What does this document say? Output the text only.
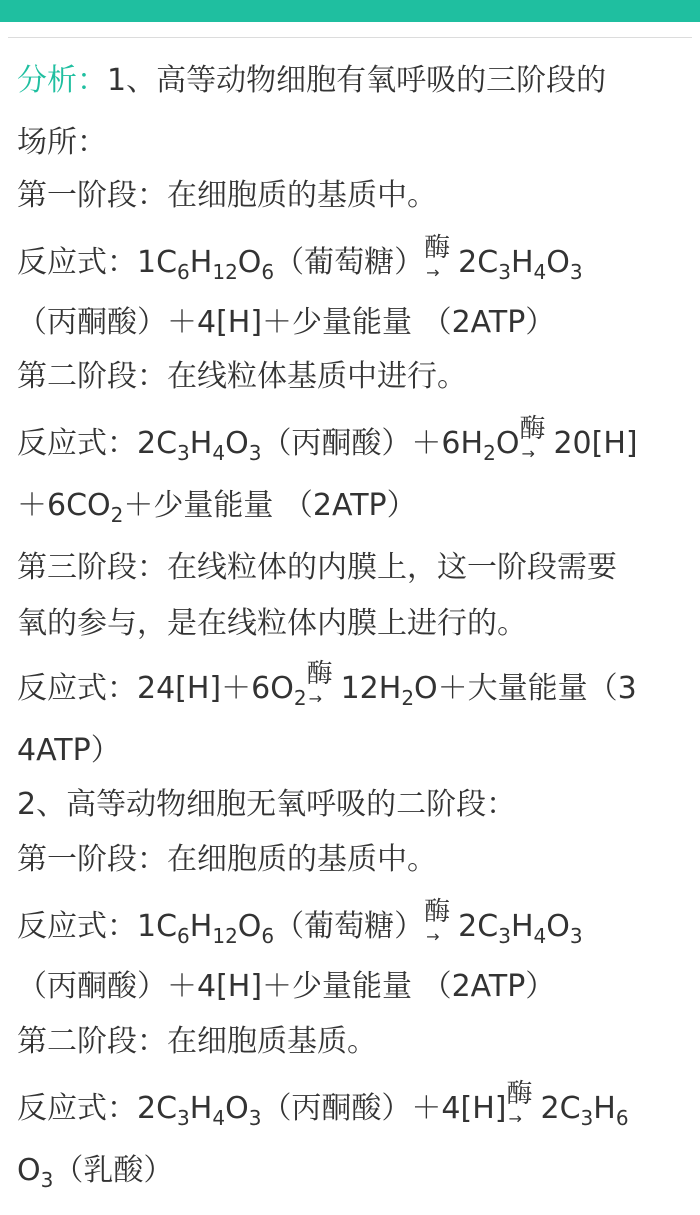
分析：1、高等动物细胞有氧呼吸的三阶段的
场所：
第一阶段：在细胞质的基质中。
反应式：$1C_6H_{12}O_6$（葡萄糖） 酶
→ $2C_3H_4O_3$
（丙酮酸）＋4[H]＋少量能量 （2ATP）
第二阶段：在线粒体基质中进行。
反应式：$2C_3H_4O_3$（丙酮酸）$+6H_2O$ 酶
→ 20[H]
$+6CO_2+$少量能量 （2ATP）
第三阶段：在线粒体的内膜上，这一阶段需要
氧的参与，是在线粒体内膜上进行的。
反应式：$24[H]+6O_2$
酶
→ $12H_2O+$大量能量（3
4ATP）
2、高等动物细胞无氧呼吸的二阶段：
第一阶段：在细胞质的基质中。
反应式：$1C_6H_{12}O_6$（葡萄糖） 酶
→ $2C_3H_4O_3$
（丙酮酸）＋4[H]＋少量能量 （2ATP）
第二阶段：在细胞质基质。
反应式：$2C_3H_4O_3$（丙酮酸）＋4[H] 酶
→ $2C_3H_6$
$O_3$（乳酸）
